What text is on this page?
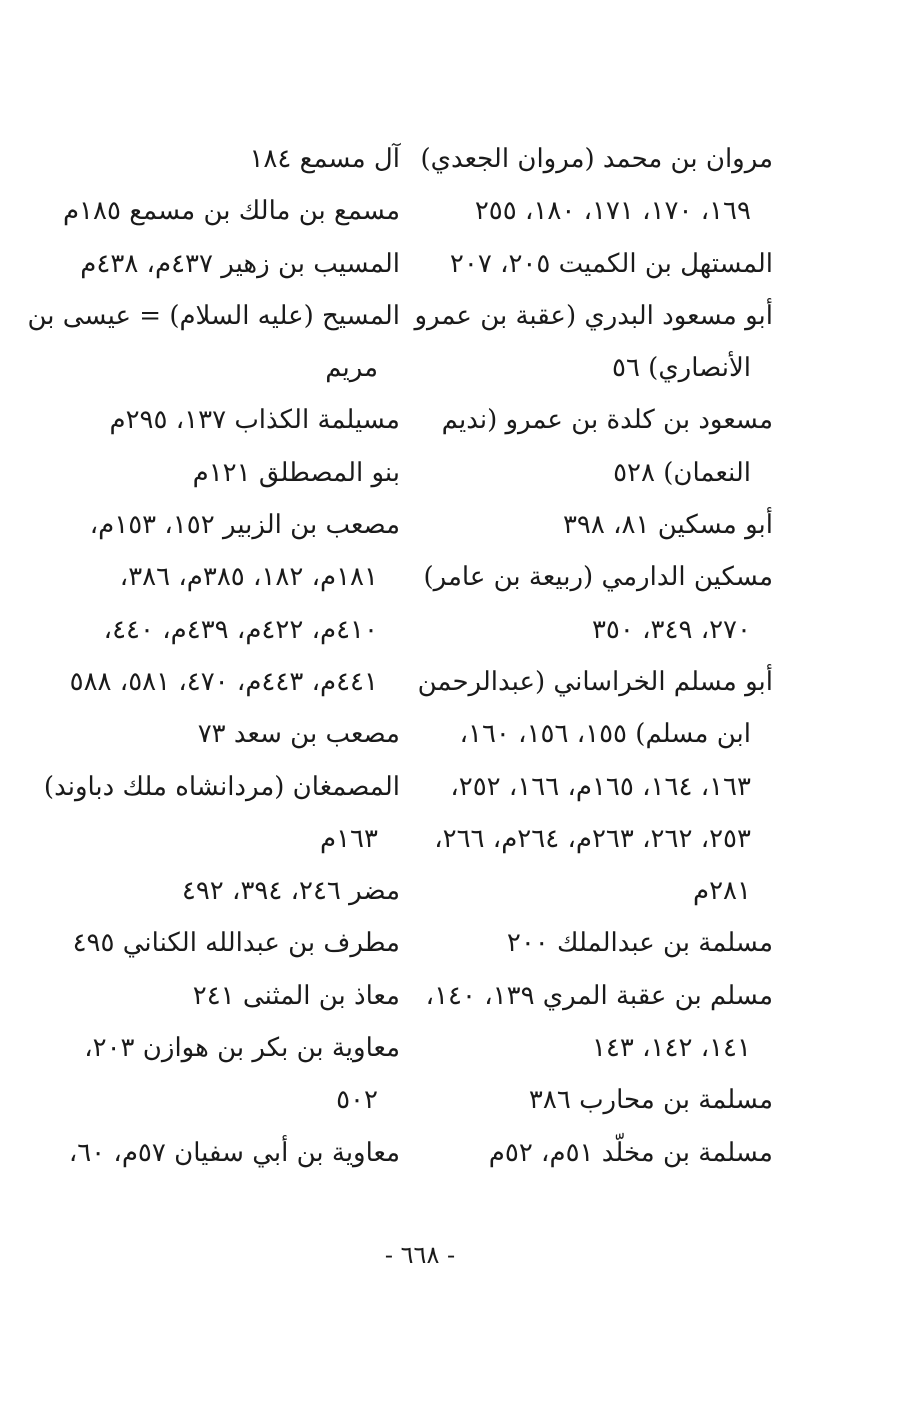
مروان بن محمد (مروان الجعدي)
١٦٩، ١٧٠، ١٧١، ١٨٠، ٢٥٥
المستهل بن الكميت ٢٠٥، ٢٠٧
أبو مسعود البدري (عقبة بن عمرو
الأنصاري) ٥٦
مسعود بن كلدة بن عمرو (نديم
النعمان) ٥٢٨
أبو مسكين ٨١، ٣٩٨
مسكين الدارمي (ربيعة بن عامر)
٢٧٠، ٣٤٩، ٣٥٠
أبو مسلم الخراساني (عبدالرحمن
ابن مسلم) ١٥٥، ١٥٦، ١٦٠،
١٦٣، ١٦٤، ١٦٥م، ١٦٦، ٢٥٢،
٢٥٣، ٢٦٢، ٢٦٣م، ٢٦٤م، ٢٦٦،
٢٨١م
مسلمة بن عبدالملك ٢٠٠
مسلم بن عقبة المري ١٣٩، ١٤٠،
١٤١، ١٤٢، ١٤٣
مسلمة بن محارب ٣٨٦
مسلمة بن مخلّد ٥١م، ٥٢م
آل مسمع ١٨٤
مسمع بن مالك بن مسمع ١٨٥م
المسيب بن زهير ٤٣٧م، ٤٣٨م
المسيح (عليه السلام) = عيسى بن
مريم
مسيلمة الكذاب ١٣٧، ٢٩٥م
بنو المصطلق ١٢١م
مصعب بن الزبير ١٥٢، ١٥٣م،
١٨١م، ١٨٢، ٣٨٥م، ٣٨٦،
٤١٠م، ٤٢٢م، ٤٣٩م، ٤٤٠،
٤٤١م، ٤٤٣م، ٤٧٠، ٥٨١، ٥٨٨
مصعب بن سعد ٧٣
المصمغان (مردانشاه ملك دباوند)
١٦٣م
مضر ٢٤٦، ٣٩٤، ٤٩٢
مطرف بن عبدالله الكناني ٤٩٥
معاذ بن المثنى ٢٤١
معاوية بن بكر بن هوازن ٢٠٣،
٥٠٢
معاوية بن أبي سفيان ٥٧م، ٦٠،
- ٦٦٨ -
